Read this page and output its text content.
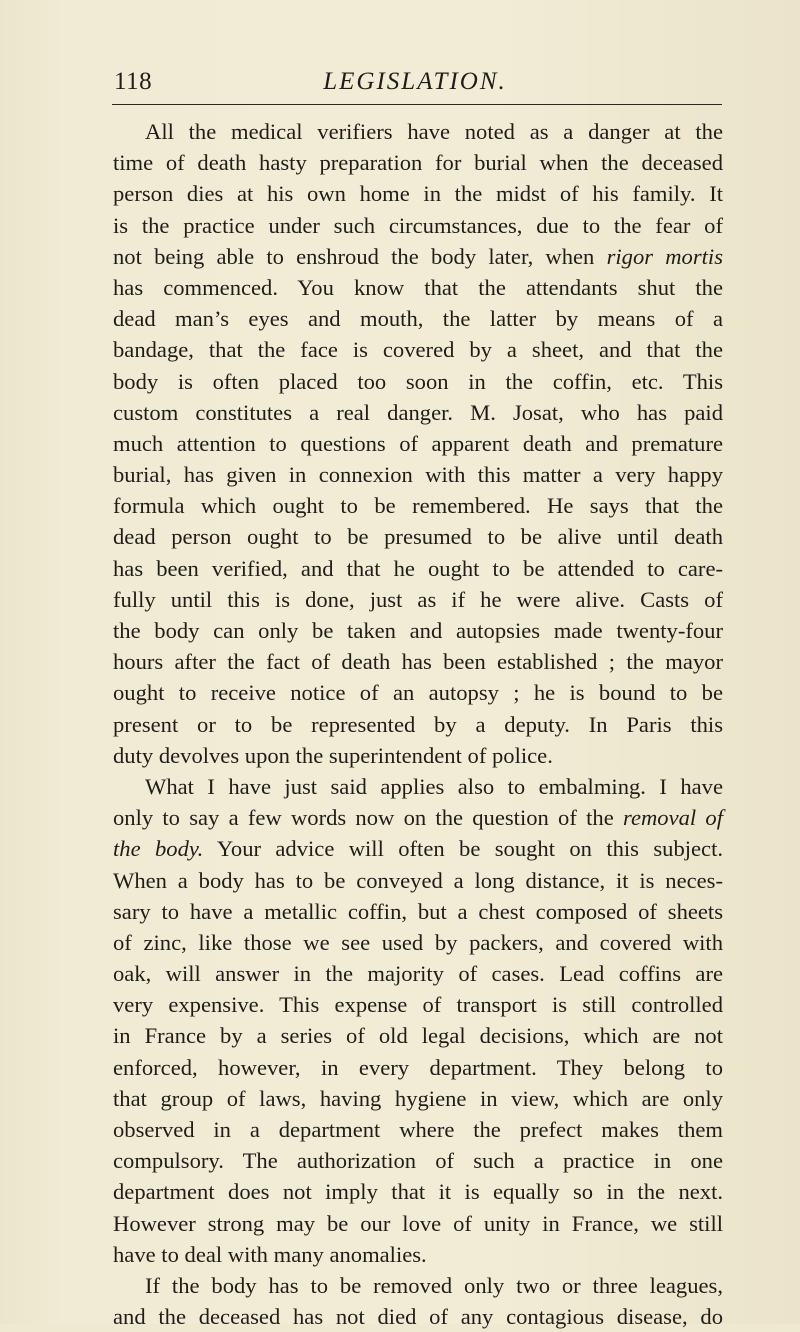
118	LEGISLATION.
All the medical verifiers have noted as a danger at the
time of death hasty preparation for burial when the deceased
person dies at his own home in the midst of his family. It
is the practice under such circumstances, due to the fear of
not being able to enshroud the body later, when rigor mortis
has commenced. You know that the attendants shut the
dead man’s eyes and mouth, the latter by means of a
bandage, that the face is covered by a sheet, and that the
body is often placed too soon in the coffin, etc. This
custom constitutes a real danger. M. Josat, who has paid
much attention to questions of apparent death and premature
burial, has given in connexion with this matter a very happy
formula which ought to be remembered. He says that the
dead person ought to be presumed to be alive until death
has been verified, and that he ought to be attended to care-
fully until this is done, just as if he were alive. Casts of
the body can only be taken and autopsies made twenty-four
hours after the fact of death has been established ; the mayor
ought to receive notice of an autopsy ; he is bound to be
present or to be represented by a deputy. In Paris this
duty devolves upon the superintendent of police.
What I have just said applies also to embalming. I have
only to say a few words now on the question of the removal of
the body. Your advice will often be sought on this subject.
When a body has to be conveyed a long distance, it is neces-
sary to have a metallic coffin, but a chest composed of sheets
of zinc, like those we see used by packers, and covered with
oak, will answer in the majority of cases. Lead coffins are
very expensive. This expense of transport is still controlled
in France by a series of old legal decisions, which are not
enforced, however, in every department. They belong to
that group of laws, having hygiene in view, which are only
observed in a department where the prefect makes them
compulsory. The authorization of such a practice in one
department does not imply that it is equally so in the next.
However strong may be our love of unity in France, we still
have to deal with many anomalies.
If the body has to be removed only two or three leagues,
and the deceased has not died of any contagious disease, do
